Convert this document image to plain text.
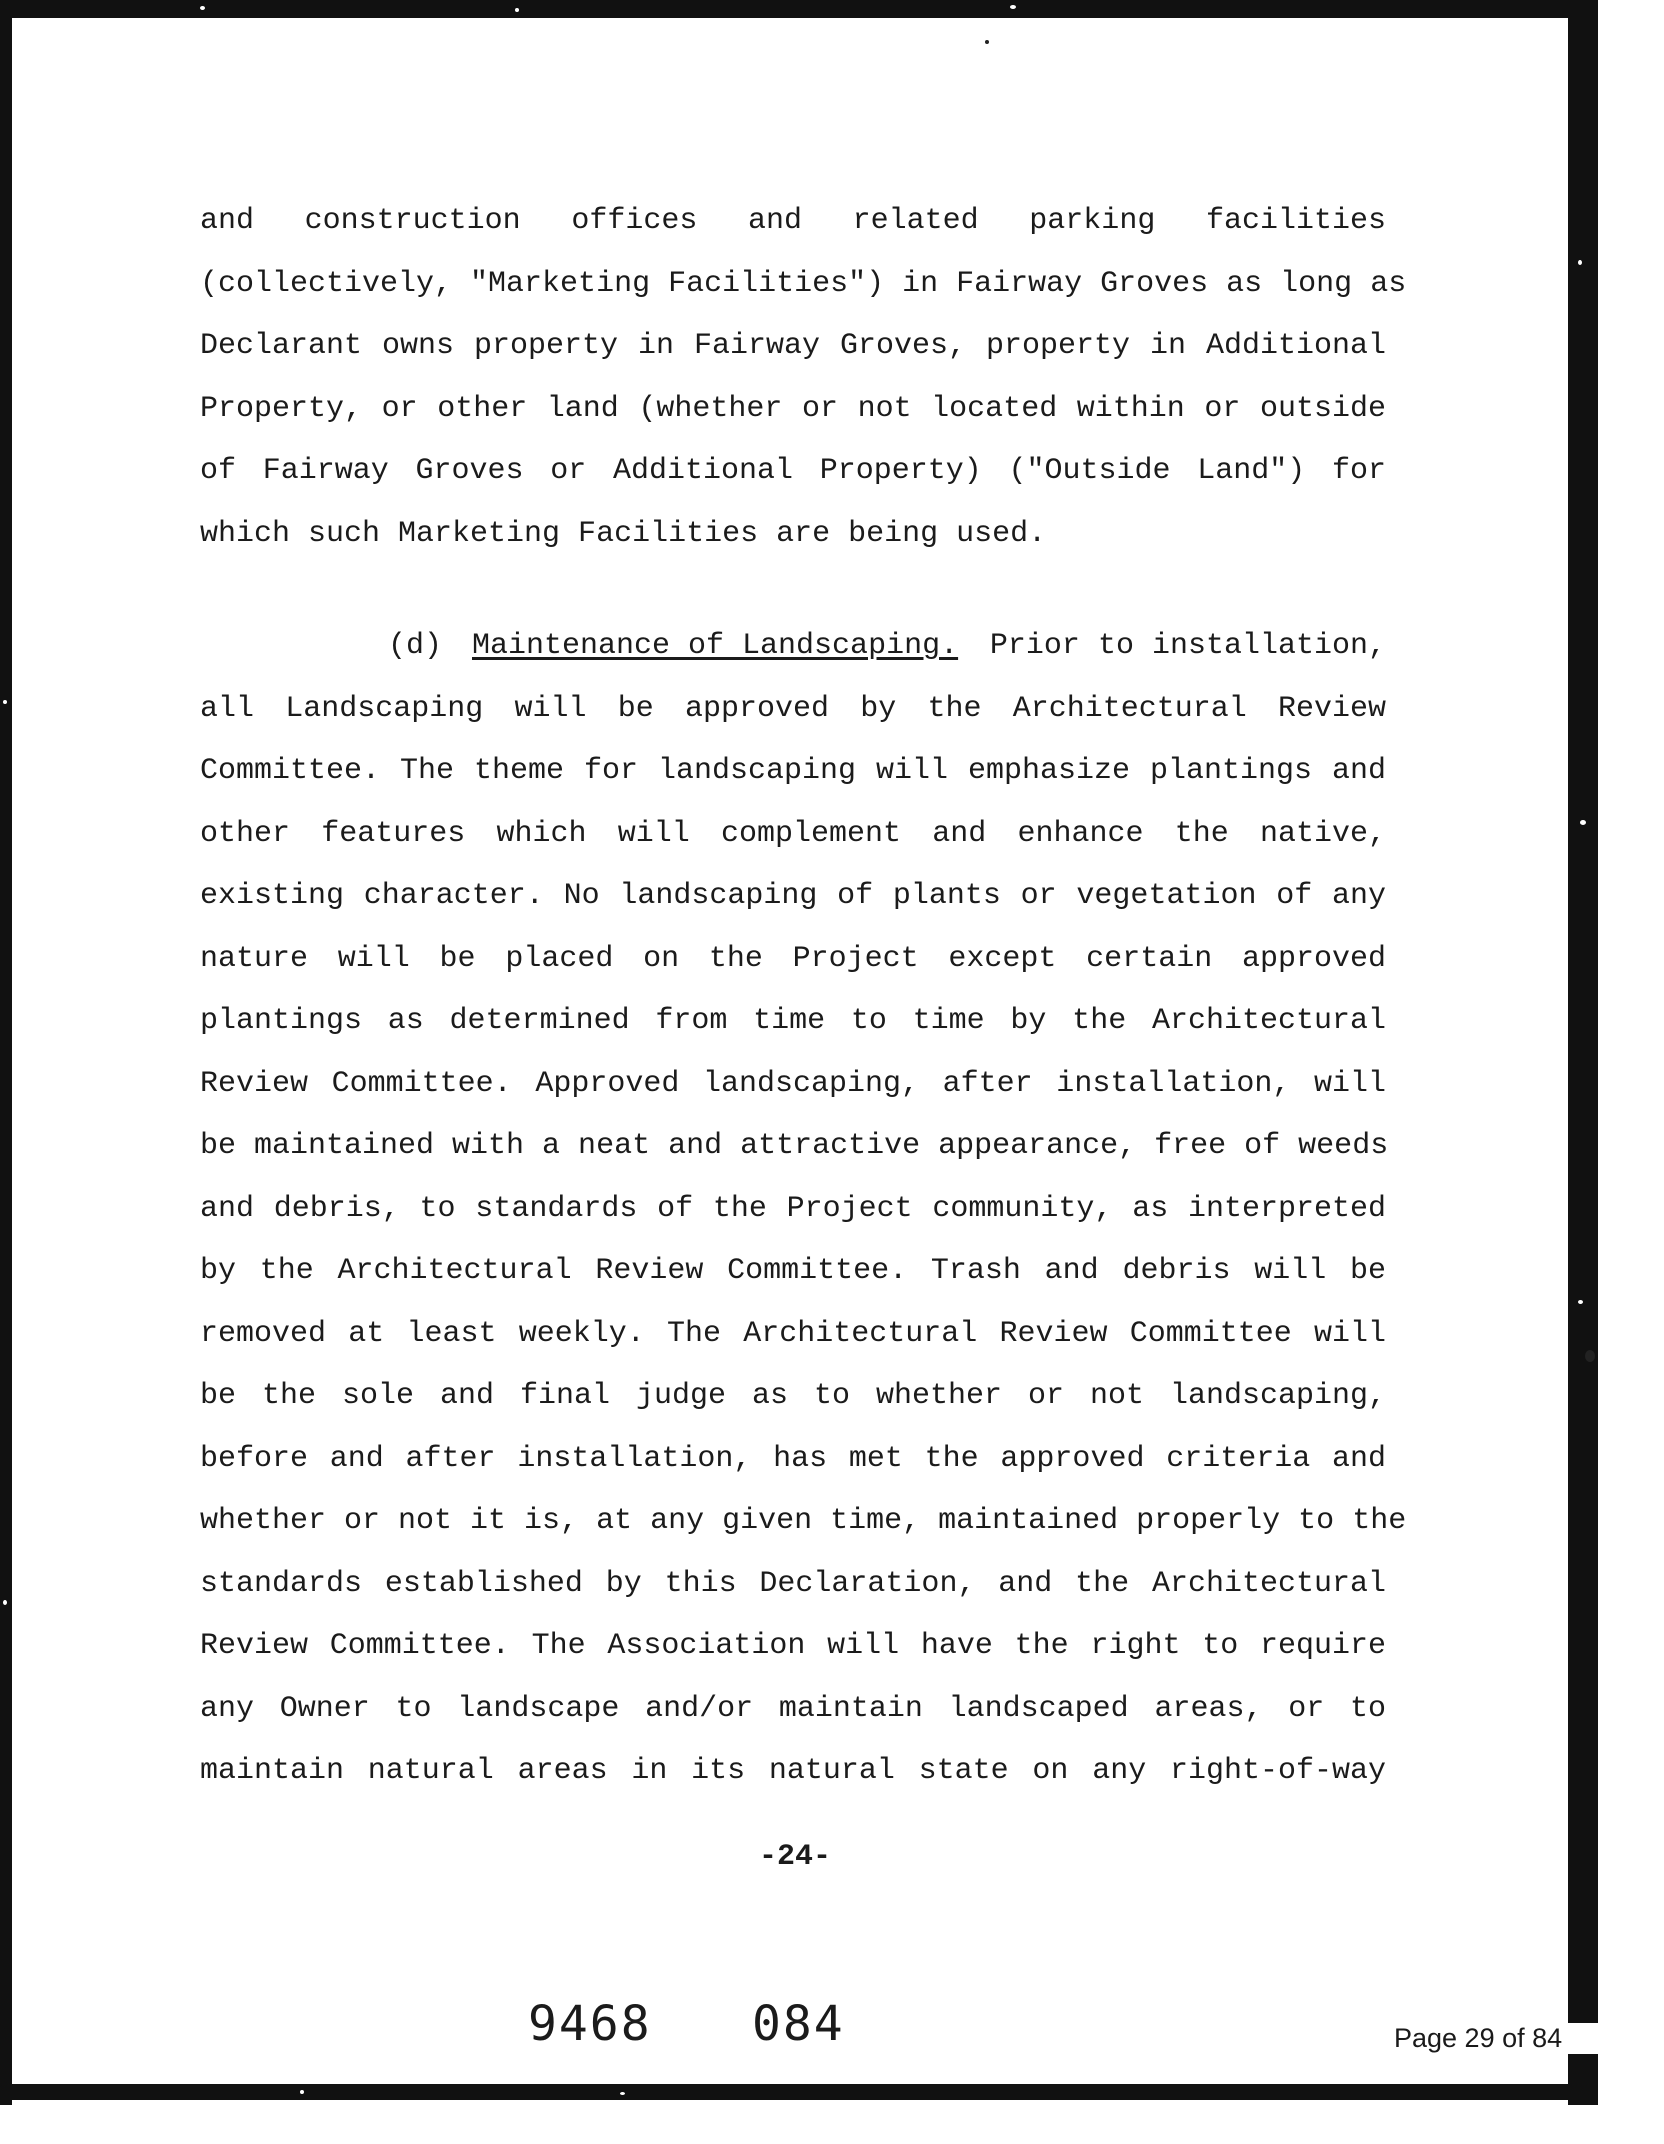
and construction offices and related parking facilities
(collectively, "Marketing Facilities") in Fairway Groves as long as
Declarant owns property in Fairway Groves, property in Additional
Property, or other land (whether or not located within or outside
of Fairway Groves or Additional Property) ("Outside Land") for
which such Marketing Facilities are being used.
(d) Maintenance of Landscaping.	Prior to installation,
all Landscaping will be approved by the Architectural Review
Committee. The theme for landscaping will emphasize plantings and
other features which will complement and enhance the native,
existing character. No landscaping of plants or vegetation of any
nature will be placed on the Project except certain approved
plantings as determined from time to time by the Architectural
Review Committee. Approved landscaping, after installation, will
be maintained with a neat and attractive appearance, free of weeds
and debris, to standards of the Project community, as interpreted
by the Architectural Review Committee. Trash and debris will be
removed at least weekly. The Architectural Review Committee will
be the sole and final judge as to whether or not landscaping,
before and after installation, has met the approved criteria and
whether or not it is, at any given time, maintained properly to the
standards established by this Declaration, and the Architectural
Review Committee. The Association will have the right to require
any Owner to landscape and/or maintain landscaped areas, or to
maintain natural areas in its natural state on any right-of-way
-24-
9468 084	Page 29 of 84
08/29/2011 12:14 PM
